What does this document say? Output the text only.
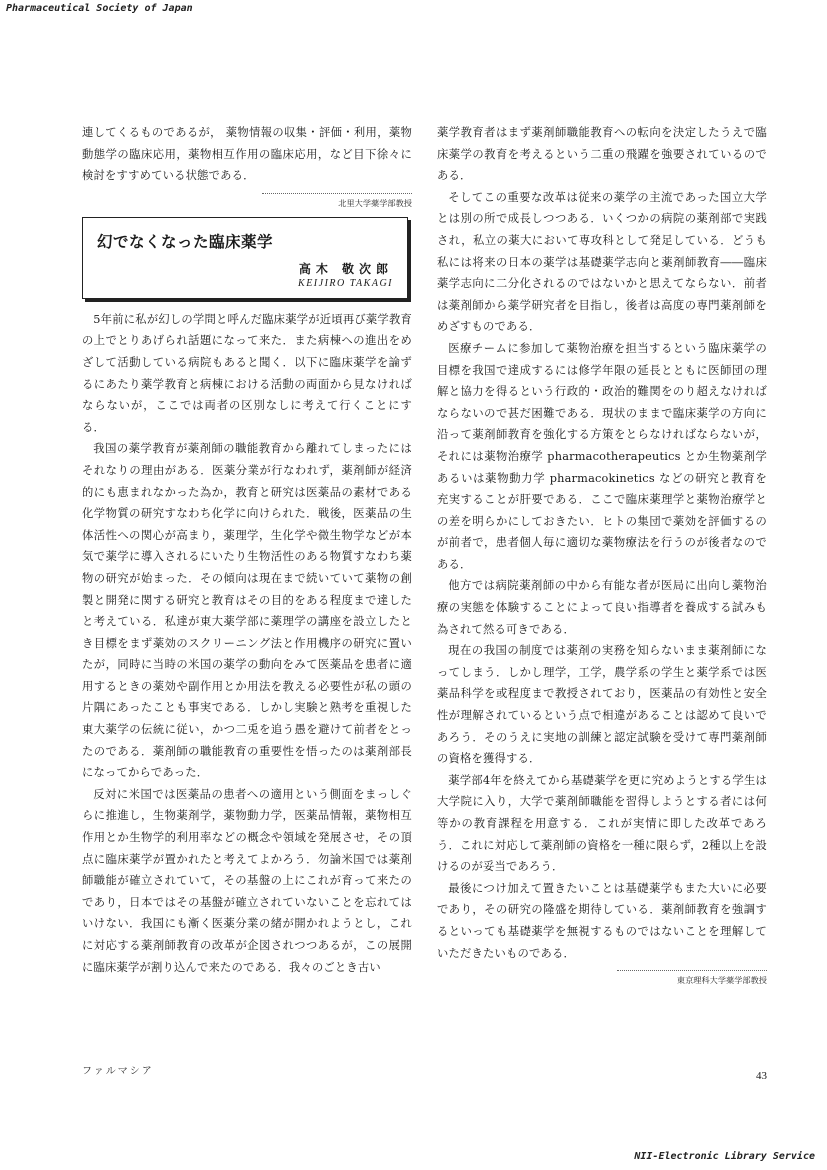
Pharmaceutical Society of Japan

連してくるものであるが， 薬物情報の収集・評価・利用，薬物動態学の臨床応用，薬物相互作用の臨床応用，など目下徐々に検討をすすめている状態である．

北里大学薬学部教授
幻でなくなった臨床薬学
高木 敬次郎
KEIJIRO TAKAGI

5年前に私が幻しの学問と呼んだ臨床薬学が近頃再び薬学教育の上でとりあげられ話題になって来た．また病棟への進出をめざして活動している病院もあると聞く．以下に臨床薬学を論ずるにあたり薬学教育と病棟における活動の両面から見なければならないが，ここでは両者の区別なしに考えて行くことにする．

我国の薬学教育が薬剤師の職能教育から離れてしまったにはそれなりの理由がある．医薬分業が行なわれず，薬剤師が経済的にも恵まれなかった為か，教育と研究は医薬品の素材である化学物質の研究すなわち化学に向けられた．戦後，医薬品の生体活性への関心が高まり，薬理学，生化学や微生物学などが本気で薬学に導入されるにいたり生物活性のある物質すなわち薬物の研究が始まった．その傾向は現在まで続いていて薬物の創製と開発に関する研究と教育はその目的をある程度まで達したと考えている．私達が東大薬学部に薬理学の講座を設立したとき目標をまず薬効のスクリーニング法と作用機序の研究に置いたが，同時に当時の米国の薬学の動向をみて医薬品を患者に適用するときの薬効や副作用とか用法を教える必要性が私の頭の片隅にあったことも事実である．しかし実験と熟考を重視した東大薬学の伝統に従い，かつ二兎を追う愚を避けて前者をとったのである．薬剤師の職能教育の重要性を悟ったのは薬剤部長になってからであった．

反対に米国では医薬品の患者への適用という側面をまっしぐらに推進し，生物薬剤学，薬物動力学，医薬品情報，薬物相互作用とか生物学的利用率などの概念や領域を発展させ，その頂点に臨床薬学が置かれたと考えてよかろう．勿論米国では薬剤師職能が確立されていて，その基盤の上にこれが育って来たのであり，日本ではその基盤が確立されていないことを忘れてはいけない．我国にも漸く医薬分業の緒が開かれようとし，これに対応する薬剤師教育の改革が企図されつつあるが，この展開に臨床薬学が割り込んで来たのである．我々のごとき古い

薬学教育者はまず薬剤師職能教育への転向を決定したうえで臨床薬学の教育を考えるという二重の飛躍を強要されているのである．

そしてこの重要な改革は従来の薬学の主流であった国立大学とは別の所で成長しつつある．いくつかの病院の薬剤部で実践され，私立の薬大において専攻科として発足している．どうも私には将来の日本の薬学は基礎薬学志向と薬剤師教育――臨床薬学志向に二分化されるのではないかと思えてならない．前者は薬剤師から薬学研究者を目指し，後者は高度の専門薬剤師をめざすものである．

医療チームに参加して薬物治療を担当するという臨床薬学の目標を我国で達成するには修学年限の延長とともに医師団の理解と協力を得るという行政的・政治的難関をのり超えなければならないので甚だ困難である．現状のままで臨床薬学の方向に沿って薬剤師教育を強化する方策をとらなければならないが，それには薬物治療学 pharmacotherapeutics とか生物薬剤学あるいは薬物動力学 pharmacokinetics などの研究と教育を充実することが肝要である．ここで臨床薬理学と薬物治療学との差を明らかにしておきたい．ヒトの集団で薬効を評価するのが前者で，患者個人毎に適切な薬物療法を行うのが後者なのである．

他方では病院薬剤師の中から有能な者が医局に出向し薬物治療の実態を体験することによって良い指導者を養成する試みも為されて然る可きである．

現在の我国の制度では薬剤の実務を知らないまま薬剤師になってしまう．しかし理学，工学，農学系の学生と薬学系では医薬品科学を或程度まで教授されており，医薬品の有効性と安全性が理解されているという点で相違があることは認めて良いであろう．そのうえに実地の訓練と認定試験を受けて専門薬剤師の資格を獲得する．

薬学部4年を終えてから基礎薬学を更に究めようとする学生は大学院に入り，大学で薬剤師職能を習得しようとする者には何等かの教育課程を用意する．これが実情に即した改革であろう．これに対応して薬剤師の資格を一種に限らず，2種以上を設けるのが妥当であろう．

最後につけ加えて置きたいことは基礎薬学もまた大いに必要であり，その研究の隆盛を期待している．薬剤師教育を強調するといっても基礎薬学を無視するものではないことを理解していただきたいものである．

東京理科大学薬学部教授
ファルマシア	43
NII-Electronic Library Service
